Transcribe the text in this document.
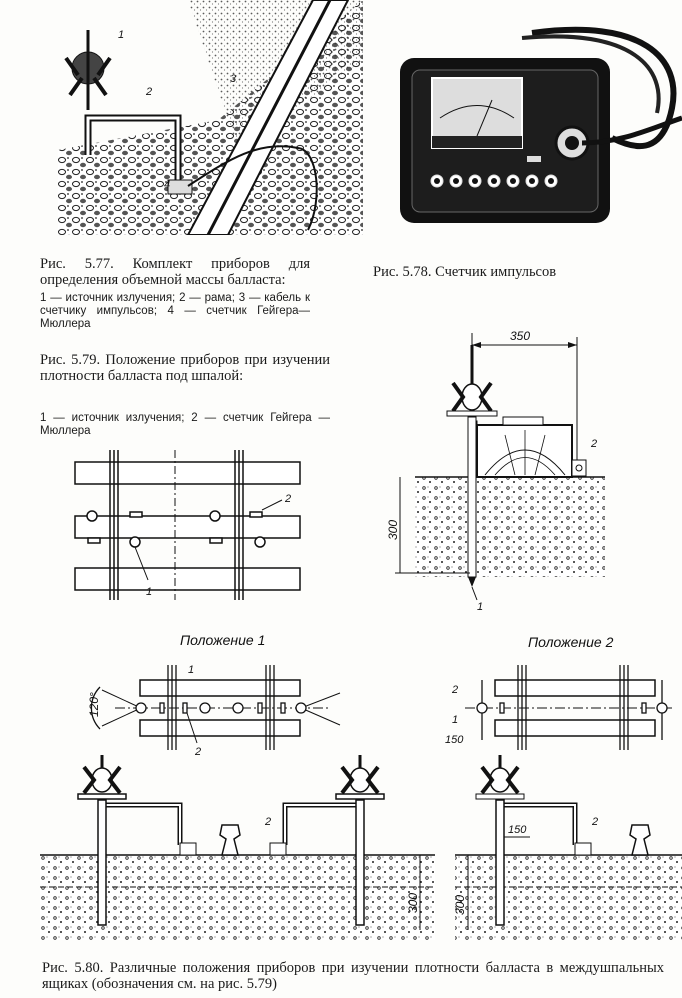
1
2
3
4
Рис. 5.77. Комплект приборов для определения объемной массы балласта:
1 — источник излучения; 2 — рама; 3 — кабель к счетчику импульсов; 4 — счетчик Гейгера—Мюллера
Рис. 5.78. Счетчик импульсов
Рис. 5.79. Положение приборов при изучении плотности балласта под шпалой:
1 — источник излучения; 2 — счетчик Гейгера — Мюллера
1
2
350
300
1
2
Положение 1
120°
1
2
2
300
Положение 2
2
1
150
150
2
300
Рис. 5.80. Различные положения приборов при изучении плотности балласта в междушпальных ящиках (обозначения см. на рис. 5.79)
